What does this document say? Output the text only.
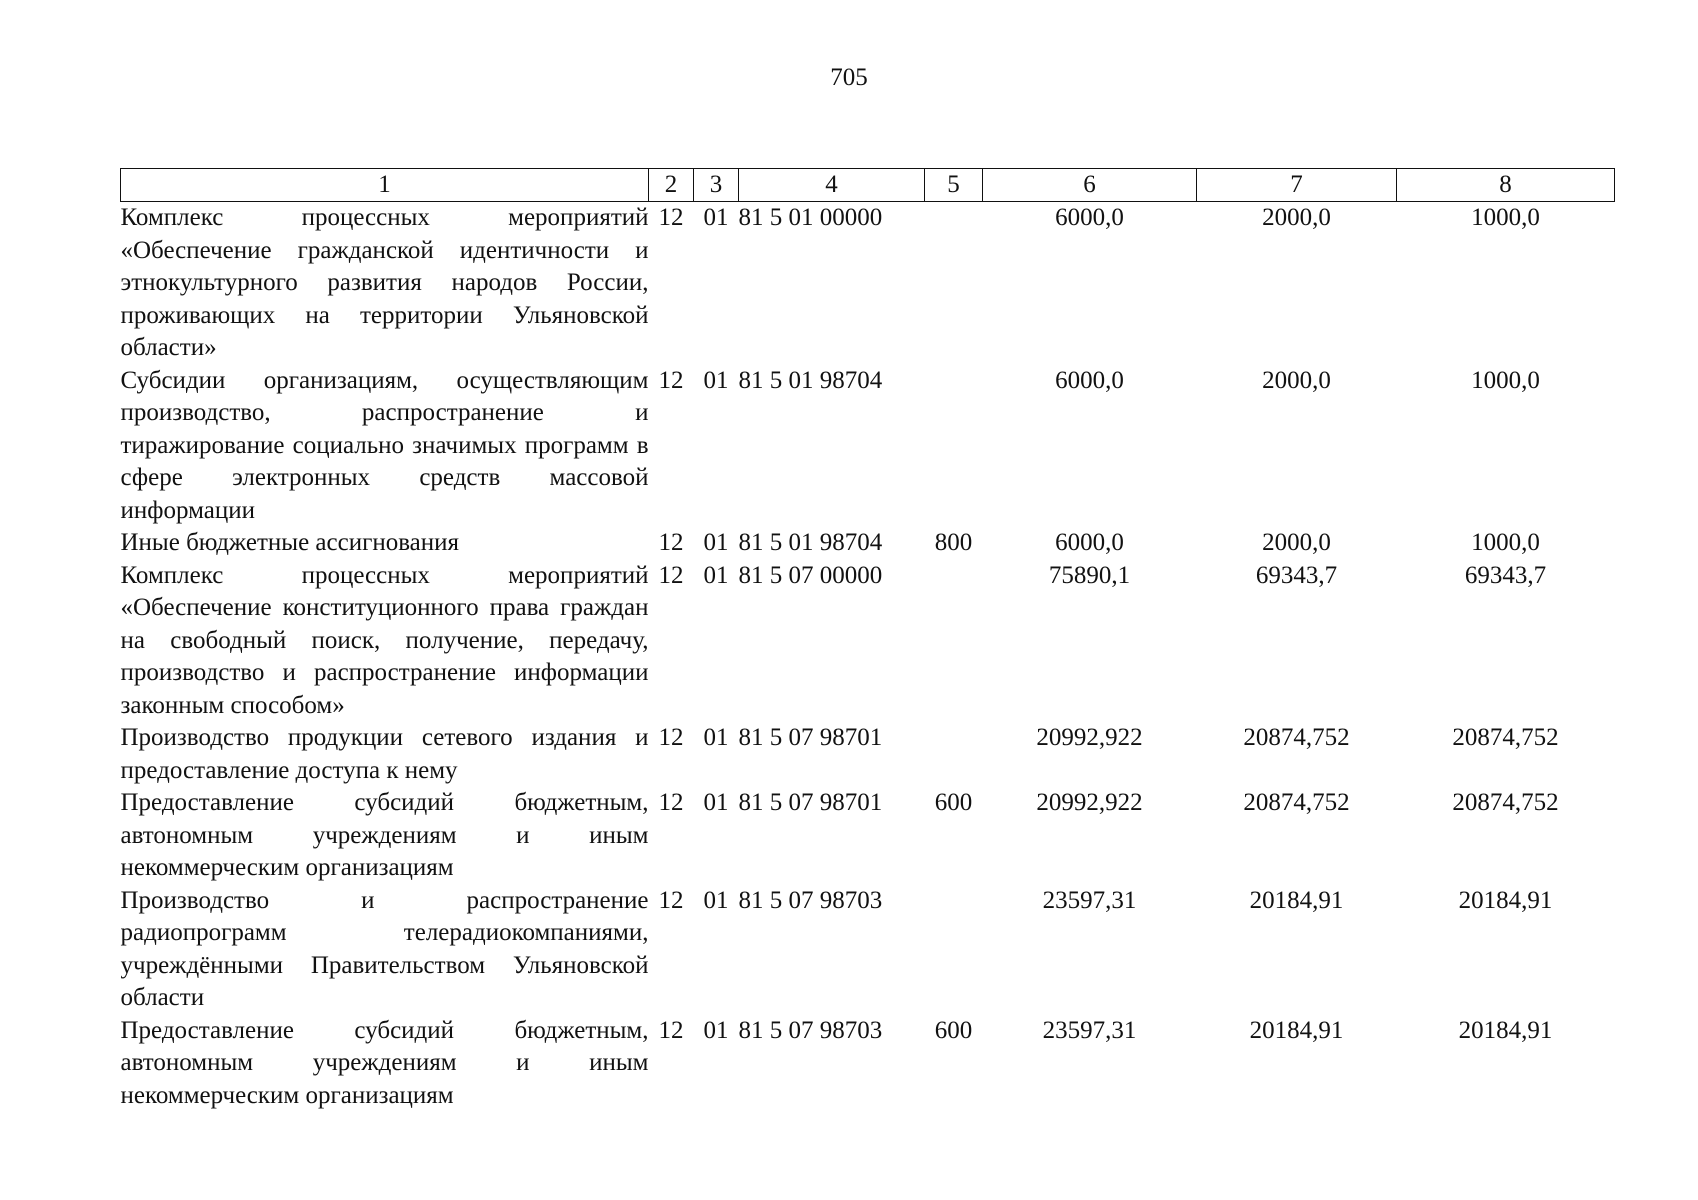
705
1	2	3	4	5	6	7	8
Комплекс процессных мероприятий «Обеспечение гражданской идентичности и этнокультурного развития народов России, проживающих на территории Ульяновской области»	12	01	81 5 01 00000		6000,0	2000,0	1000,0
Субсидии организациям, осуществляющим производство, распространение и тиражирование социально значимых программ в сфере электронных средств массовой информации	12	01	81 5 01 98704		6000,0	2000,0	1000,0
Иные бюджетные ассигнования	12	01	81 5 01 98704	800	6000,0	2000,0	1000,0
Комплекс процессных мероприятий «Обеспечение конституционного права граждан на свободный поиск, получение, передачу, производство и распространение информации законным способом»	12	01	81 5 07 00000		75890,1	69343,7	69343,7
Производство продукции сетевого издания и предоставление доступа к нему	12	01	81 5 07 98701		20992,922	20874,752	20874,752
Предоставление субсидий бюджетным, автономным учреждениям и иным некоммерческим организациям	12	01	81 5 07 98701	600	20992,922	20874,752	20874,752
Производство и распространение радиопрограмм телерадиокомпаниями, учреждёнными Правительством Ульяновской области	12	01	81 5 07 98703		23597,31	20184,91	20184,91
Предоставление субсидий бюджетным, автономным учреждениям и иным некоммерческим организациям	12	01	81 5 07 98703	600	23597,31	20184,91	20184,91
